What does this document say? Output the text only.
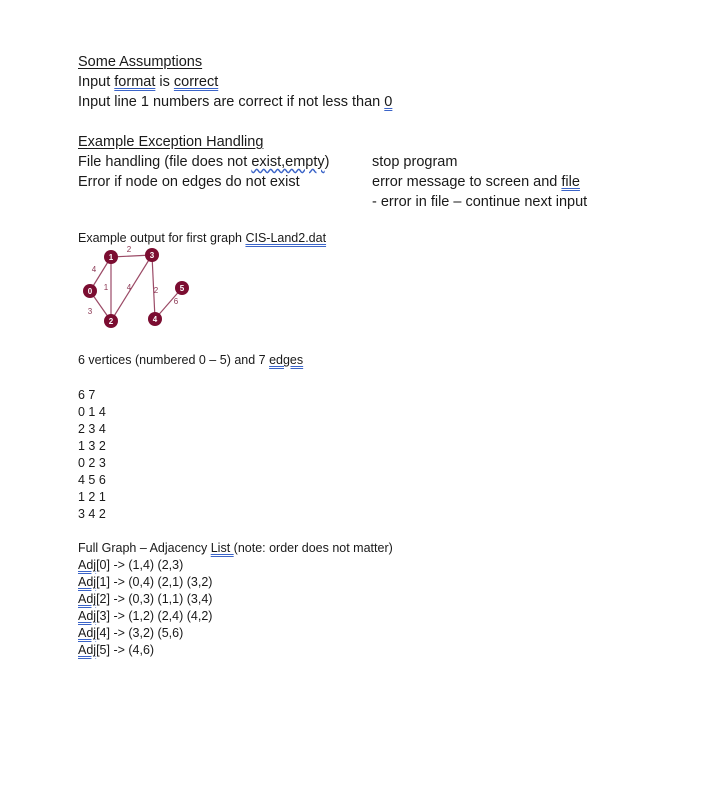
Some Assumptions
Input format is correct
Input line 1 numbers are correct if not less than 0
Example Exception Handling
File handling (file does not exist,empty)	stop program
Error if node on edges do not exist	error message to screen and file
- error in file – continue next input
Example output for first graph CIS-Land2.dat
4
2
1
3
4	2
6
0
1
2
3
4
5
6 vertices (numbered 0 – 5) and 7 edges
6 7
0 1 4
2 3 4
1 3 2
0 2 3
4 5 6
1 2 1
3 4 2
Full Graph – Adjacency List (note: order does not matter)
Adj[0] -> (1,4) (2,3)
Adj[1] -> (0,4) (2,1) (3,2)
Adj[2] -> (0,3) (1,1) (3,4)
Adj[3] -> (1,2) (2,4) (4,2)
Adj[4] -> (3,2) (5,6)
Adj[5] -> (4,6)
